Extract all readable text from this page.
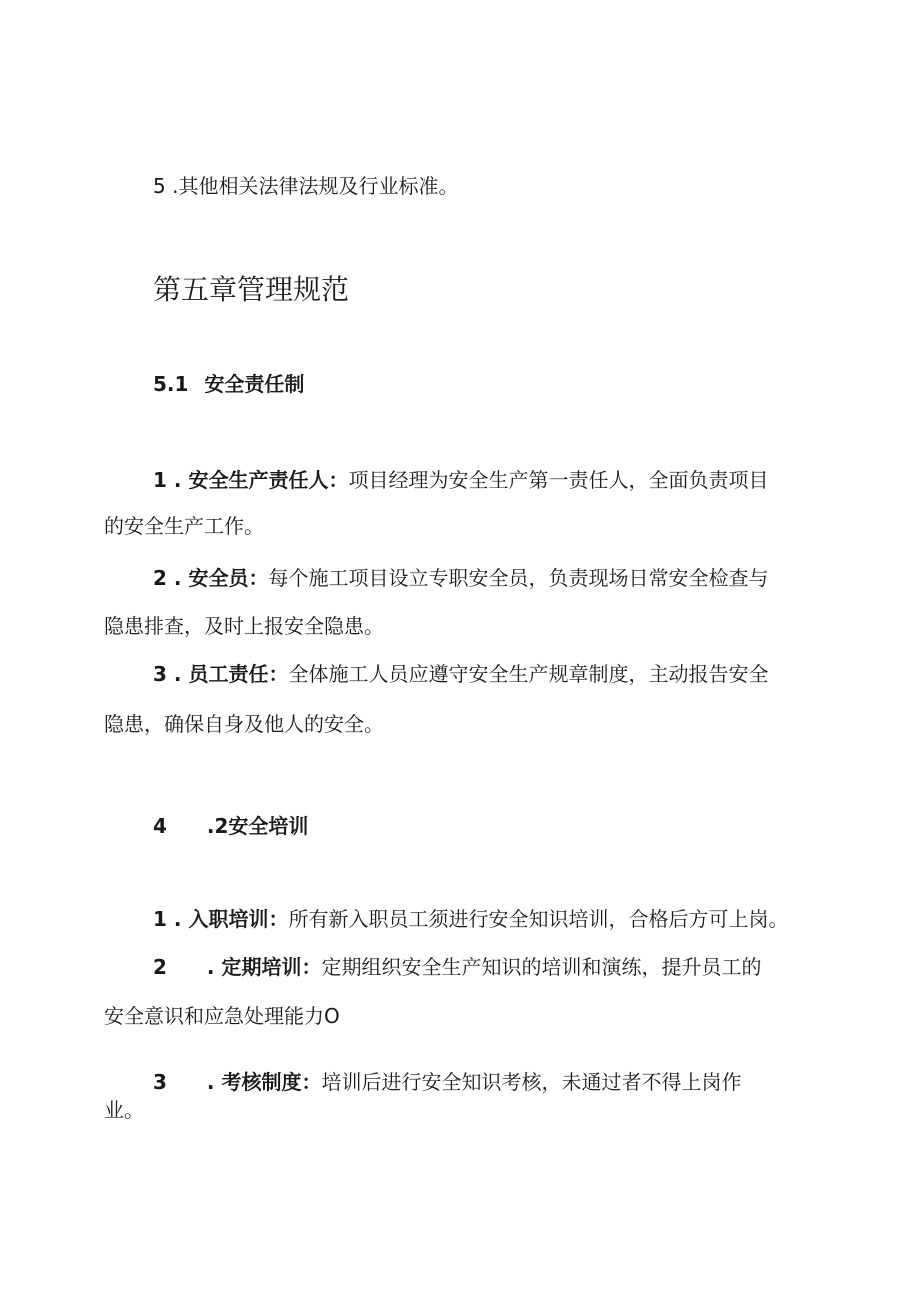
5 .其他相关法律法规及行业标准。
第五章管理规范
5.1 安全责任制
1 . 安全生产责任人：项目经理为安全生产第一责任人，全面负责项目
的安全生产工作。
2 . 安全员：每个施工项目设立专职安全员，负责现场日常安全检查与
隐患排查，及时上报安全隐患。
3 . 员工责任：全体施工人员应遵守安全生产规章制度，主动报告安全
隐患，确保自身及他人的安全。
4 .2安全培训
1 . 入职培训：所有新入职员工须进行安全知识培训，合格后方可上岗。
2 . 定期培训：定期组织安全生产知识的培训和演练，提升员工的
安全意识和应急处理能力O
3 . 考核制度：培训后进行安全知识考核，未通过者不得上岗作
业。
